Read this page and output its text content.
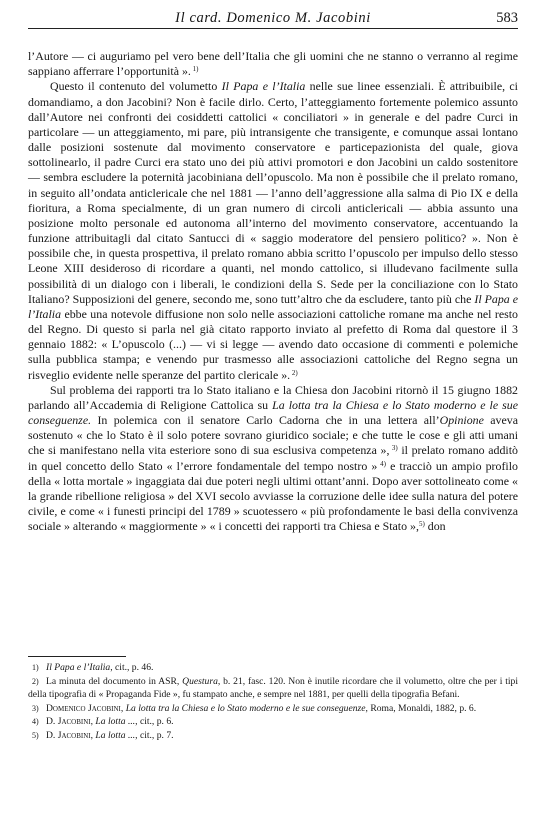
Il card. Domenico M. Jacobini	583

l’Autore — ci auguriamo pel vero bene dell’Italia che gli uomini che ne stanno o verranno al regime sappiano afferrare l’opportunità ». $^{1)}$

Questo il contenuto del volumetto Il Papa e l’Italia nelle sue linee essenziali. È attribuibile, ci domandiamo, a don Jacobini? Non è facile dirlo. Certo, l’atteggiamento fortemente polemico assunto dall’Autore nei confronti dei cosiddetti cattolici « conciliatori » in generale e del padre Curci in particolare — un atteggiamento, mi pare, più intransigente che transigente, e comunque assai lontano dalle posizioni sostenute dal movimento conservatore e particepazionista del quale, giova sottolinearlo, il padre Curci era stato uno dei più attivi promotori e don Jacobini un caldo sostenitore — sembra escludere la poternità jacobiniana dell’opuscolo. Ma non è possibile che il prelato romano, in seguito all’ondata anticlericale che nel 1881 — l’anno dell’aggressione alla salma di Pio IX e della fioritura, a Roma specialmente, di un gran numero di circoli anticlericali — abbia assunto una posizione molto personale ed autonoma all’interno del movimento conservatore, accentuando la funzione attribuitagli dal citato Santucci di « saggio moderatore del pensiero politico? ». Non è possibile che, in questa prospettiva, il prelato romano abbia scritto l’opuscolo per impulso dello stesso Leone XIII desideroso di ricordare a quanti, nel mondo cattolico, si illudevano facilmente sulla possibilità di un dialogo con i liberali, le condizioni della S. Sede per la conciliazione con lo Stato Italiano? Supposizioni del genere, secondo me, sono tutt’altro che da escludere, tanto più che Il Papa e l’Italia ebbe una notevole diffusione non solo nelle associazioni cattoliche romane ma anche nel resto del Regno. Di questo si parla nel già citato rapporto inviato al prefetto di Roma dal questore il 3 gennaio 1882: « L’opuscolo (...) — vi si legge — avendo dato occasione di commenti e polemiche sulla pubblica stampa; e venendo pur trasmesso alle associazioni cattoliche del Regno segna un risveglio evidente nelle speranze del partito clericale ». $^{2)}$

Sul problema dei rapporti tra lo Stato italiano e la Chiesa don Jacobini ritornò il 15 giugno 1882 parlando all’Accademia di Religione Cattolica su La lotta tra la Chiesa e lo Stato moderno e le sue conseguenze. In polemica con il senatore Carlo Cadorna che in una lettera all’Opinione aveva sostenuto « che lo Stato è il solo potere sovrano giuridico sociale; e che tutte le cose e gli atti umani che si manifestano nella vita esteriore sono di sua esclusiva competenza », $^{3)}$ il prelato romano additò in quel concetto dello Stato « l’errore fondamentale del tempo nostro » $^{4)}$ e tracciò un ampio profilo della « lotta mortale » ingaggiata dai due poteri negli ultimi ottant’anni. Dopo aver sottolineato come « la grande ribellione religiosa » del XVI secolo avviasse la corruzione delle idee sulla natura del potere civile, e come « i funesti principi del 1789 » scuotessero « più profondamente le basi della convivenza sociale » alterando « maggiormente » « i concetti dei rapporti tra Chiesa e Stato »,$^{5)}$ don

1) Il Papa e l’Italia, cit., p. 46.

2) La minuta del documento in ASR, Questura, b. 21, fasc. 120. Non è inutile ricordare che il volumetto, oltre che per i tipi della tipografia di « Propaganda Fide », fu stampato anche, e sempre nel 1881, per quelli della tipografia Befani.

3) Domenico Jacobini, La lotta tra la Chiesa e lo Stato moderno e le sue conseguenze, Roma, Monaldi, 1882, p. 6.

4) D. Jacobini, La lotta ..., cit., p. 6.

5) D. Jacobini, La lotta ..., cit., p. 7.
